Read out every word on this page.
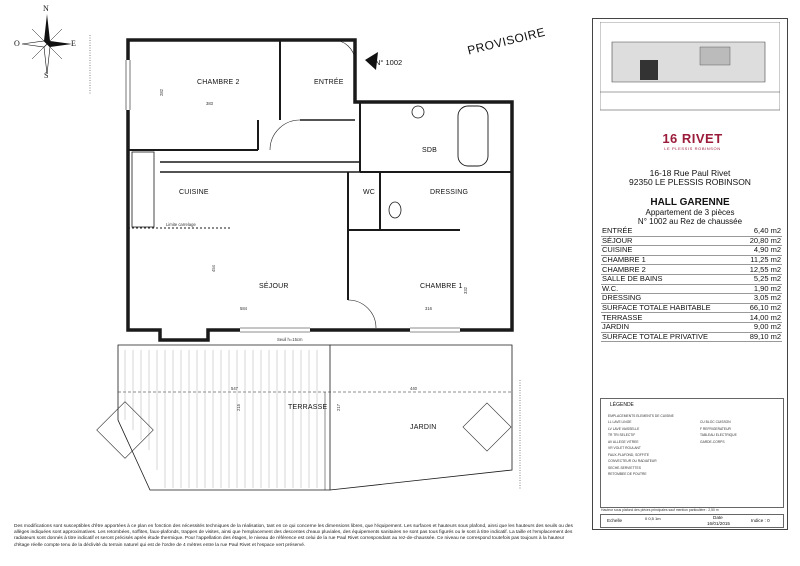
N
S
E
O	PROVISOIRE
N° 1002
CHAMBRE 2	ENTRÉE
SDB
CUISINE	WC	DRESSING
SÉJOUR	CHAMBRE 1
TERRASSE
JARDIN
383
282
584	316
454
332
547	440
215	217
Limite carrelage
Seuil h=15cm
16 RIVET
LE PLESSIS ROBINSON
16-18 Rue Paul Rivet
92350 LE PLESSIS ROBINSON
HALL GARENNE
Appartement de 3 pièces
N° 1002 au Rez de chaussée
ENTRÉE	6,40 m2
SÉJOUR	20,80 m2
CUISINE	4,90 m2
CHAMBRE 1	11,25 m2
CHAMBRE 2	12,55 m2
SALLE DE BAINS	5,25 m2
W.C.	1,90 m2
DRESSING	3,05 m2
SURFACE TOTALE HABITABLE	66,10 m2
TERRASSE	14,00 m2
JARDIN	9,00 m2
SURFACE TOTALE PRIVATIVE	89,10 m2
LÉGENDE
EMPLACEMENTS ELEMENTS DE CUISINE
LL LAVE LINGE
LV LAVE VAISSELLE
TR TRI SELECTIF
AV ALLEGE VITREE
VR VOLET ROULANT
FAUX-PLAFOND, SOFFITE
CONVECTEUR OU RADIATEUR
SECHE-SERVIETTES
RETOMBEE DE POUTRE
CU BLOC CUISSON
F REFRIGERATEUR
TABLEAU ELECTRIQUE
GARDE-CORPS
Hauteur sous plafond des pièces principales sauf mention particulière : 2,50 m
Echelle	0 0,5 1m	Date
16/01/2015
Indice : 0
Des modifications sont susceptibles d'être apportées à ce plan en fonction des nécessités techniques de la réalisation, tant en ce qui concerne les dimensions libres, que l'équipement. Les surfaces et hauteurs sous plafond, ainsi que les hauteurs des seuils ou des allèges indiquées sont approximatives. Les retombées, soffites, faux-plafonds, trappes de visites, ainsi que l'emplacement des descentes d'eaux pluviales, des équipements sanitaires ne sont pas tous figurés ou le sont à titre indicatif. La taille et l'emplacement des radiateurs sont donnés à titre indicatif et seront précisés après étude thermique. Pour l'appellation des étages, le niveau de référence est celui de la rue Paul Rivet correspondant au rez-de-chaussée. Ce niveau ne correspond toutefois pas toujours à la hauteur d'étage réelle compte tenu de la déclivité du terrain naturel qui est de l'ordre de 4 mètres entre la rue Paul Rivet et l'espace vert préservé.
